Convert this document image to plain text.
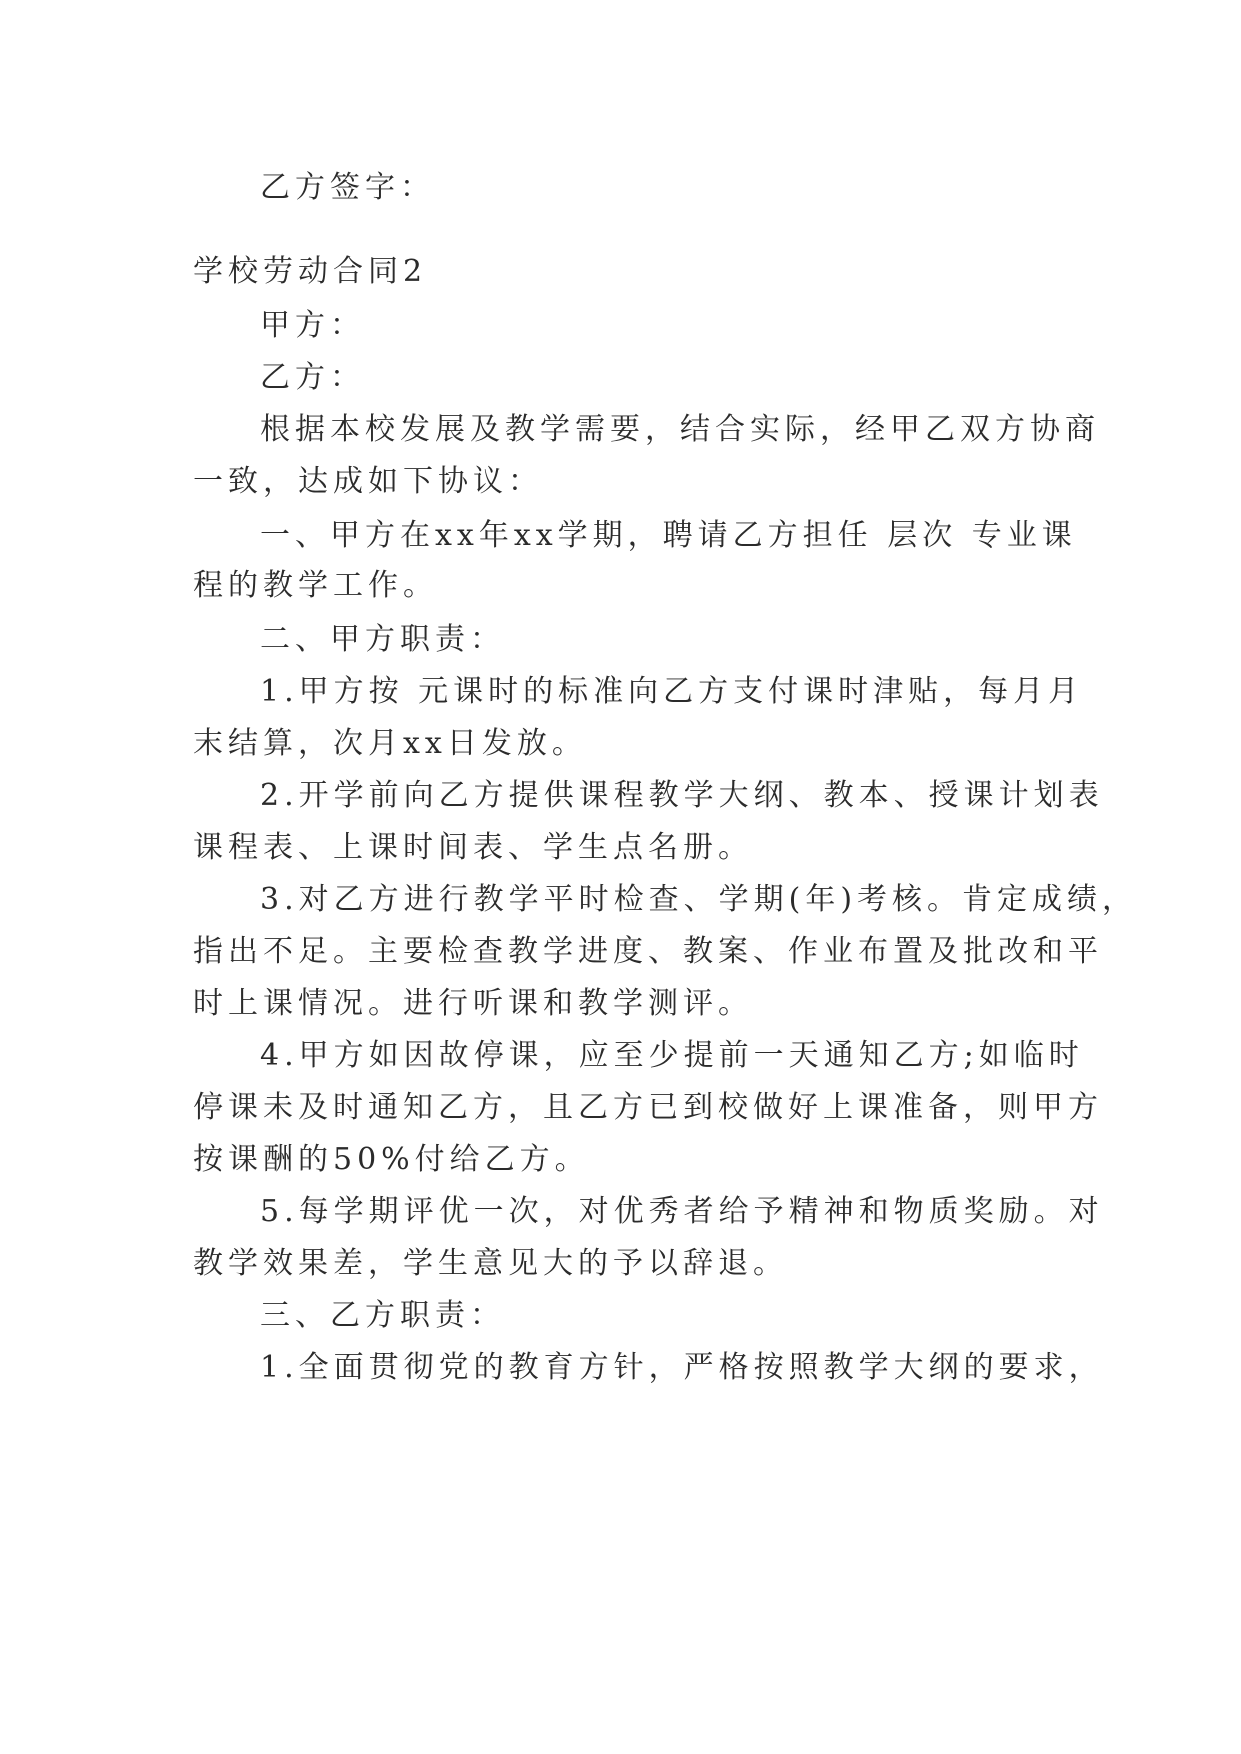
乙方签字：
学校劳动合同2
甲方：
乙方：
根据本校发展及教学需要，结合实际，经甲乙双方协商
一致，达成如下协议：
一、甲方在xx年xx学期，聘请乙方担任 层次 专业课
程的教学工作。
二、甲方职责：
1.甲方按 元课时的标准向乙方支付课时津贴，每月月
末结算，次月xx日发放。
2.开学前向乙方提供课程教学大纲、教本、授课计划表
课程表、上课时间表、学生点名册。
3.对乙方进行教学平时检查、学期(年)考核。肯定成绩，
指出不足。主要检查教学进度、教案、作业布置及批改和平
时上课情况。进行听课和教学测评。
4.甲方如因故停课，应至少提前一天通知乙方;如临时
停课未及时通知乙方，且乙方已到校做好上课准备，则甲方
按课酬的50%付给乙方。
5.每学期评优一次，对优秀者给予精神和物质奖励。对
教学效果差，学生意见大的予以辞退。
三、乙方职责：
1.全面贯彻党的教育方针，严格按照教学大纲的要求，
